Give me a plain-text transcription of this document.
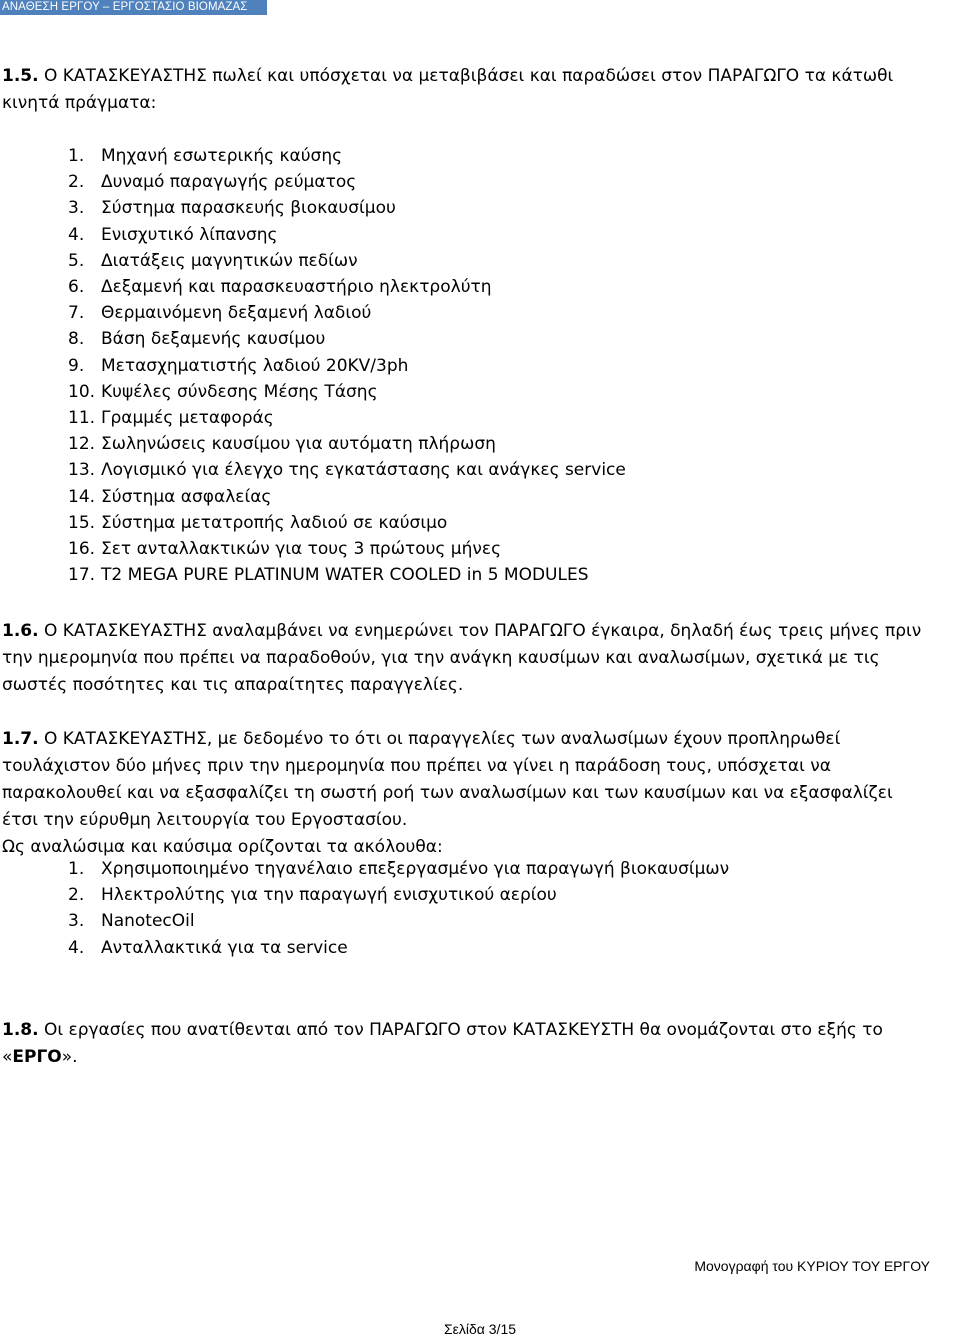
ΑΝΑΘΕΣΗ ΕΡΓΟΥ – ΕΡΓΟΣΤΑΣΙΟ ΒΙΟΜΑΖΑΣ

1.5. Ο ΚΑΤΑΣΚΕΥΑΣΤΗΣ πωλεί και υπόσχεται να μεταβιβάσει και παραδώσει στον ΠΑΡΑΓΩΓΟ τα κάτωθι κινητά πράγματα:

1. Μηχανή εσωτερικής καύσης
2. Δυναμό παραγωγής ρεύματος
3. Σύστημα παρασκευής βιοκαυσίμου
4. Ενισχυτικό λίπανσης
5. Διατάξεις μαγνητικών πεδίων
6. Δεξαμενή και παρασκευαστήριο ηλεκτρολύτη
7. Θερμαινόμενη δεξαμενή λαδιού
8. Βάση δεξαμενής καυσίμου
9. Μετασχηματιστής λαδιού 20KV/3ph
10. Κυψέλες σύνδεσης Μέσης Τάσης
11. Γραμμές μεταφοράς
12. Σωληνώσεις καυσίμου για αυτόματη πλήρωση
13. Λογισμικό για έλεγχο της εγκατάστασης και ανάγκες service
14. Σύστημα ασφαλείας
15. Σύστημα μετατροπής λαδιού σε καύσιμο
16. Σετ ανταλλακτικών για τους 3 πρώτους μήνες
17. T2 MEGA PURE PLATINUM WATER COOLED in 5 MODULES

1.6. Ο ΚΑΤΑΣΚΕΥΑΣΤΗΣ αναλαμβάνει να ενημερώνει τον ΠΑΡΑΓΩΓΟ έγκαιρα, δηλαδή έως τρεις μήνες πριν την ημερομηνία που πρέπει να παραδοθούν, για την ανάγκη καυσίμων και αναλωσίμων, σχετικά με τις σωστές ποσότητες και τις απαραίτητες παραγγελίες.

1.7. Ο ΚΑΤΑΣΚΕΥΑΣΤΗΣ, με δεδομένο το ότι οι παραγγελίες των αναλωσίμων έχουν προπληρωθεί τουλάχιστον δύο μήνες πριν την ημερομηνία που πρέπει να γίνει η παράδοση τους, υπόσχεται να παρακολουθεί και να εξασφαλίζει τη σωστή ροή των αναλωσίμων και των καυσίμων και να εξασφαλίζει έτσι την εύρυθμη λειτουργία του Εργοστασίου.
Ως αναλώσιμα και καύσιμα ορίζονται τα ακόλουθα:

1. Χρησιμοποιημένο τηγανέλαιο επεξεργασμένο για παραγωγή βιοκαυσίμων
2. Ηλεκτρολύτης για την παραγωγή ενισχυτικού αερίου
3. NanotecOil
4. Ανταλλακτικά για τα service

1.8. Οι εργασίες που ανατίθενται από τον ΠΑΡΑΓΩΓΟ στον ΚΑΤΑΣΚΕΥΣΤΗ θα ονομάζονται στο εξής το «ΕΡΓΟ».

Μονογραφή του ΚΥΡΙΟΥ ΤΟΥ ΕΡΓΟΥ
Σελίδα 3/15
